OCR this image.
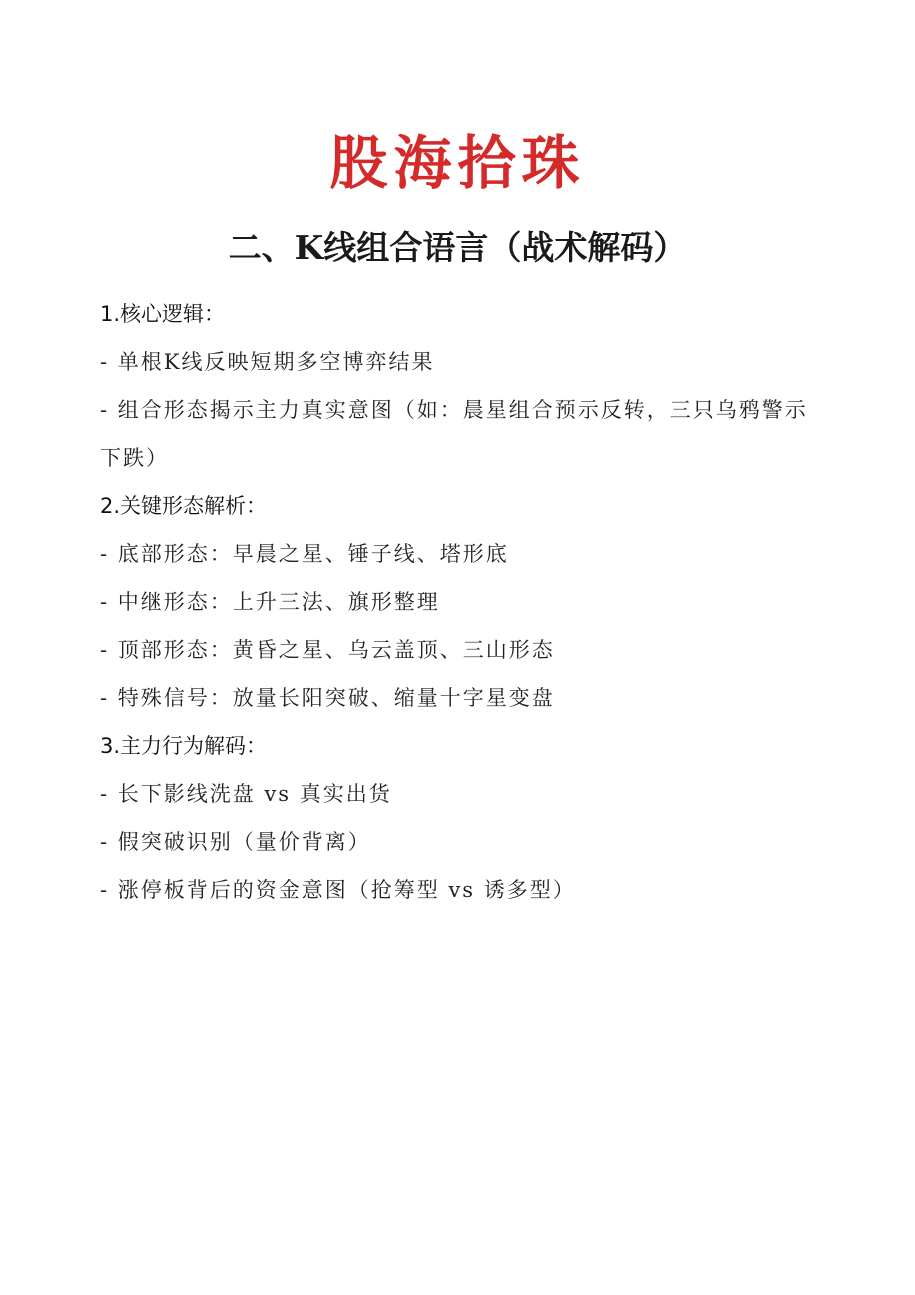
股海拾珠
二、K线组合语言（战术解码）

1.核心逻辑：

- 单根K线反映短期多空博弈结果

- 组合形态揭示主力真实意图（如：晨星组合预示反转，三只乌鸦警示下跌）

2.关键形态解析：

- 底部形态：早晨之星、锤子线、塔形底

- 中继形态：上升三法、旗形整理

- 顶部形态：黄昏之星、乌云盖顶、三山形态

- 特殊信号：放量长阳突破、缩量十字星变盘

3.主力行为解码：

- 长下影线洗盘 vs 真实出货

- 假突破识别（量价背离）

- 涨停板背后的资金意图（抢筹型 vs 诱多型）
